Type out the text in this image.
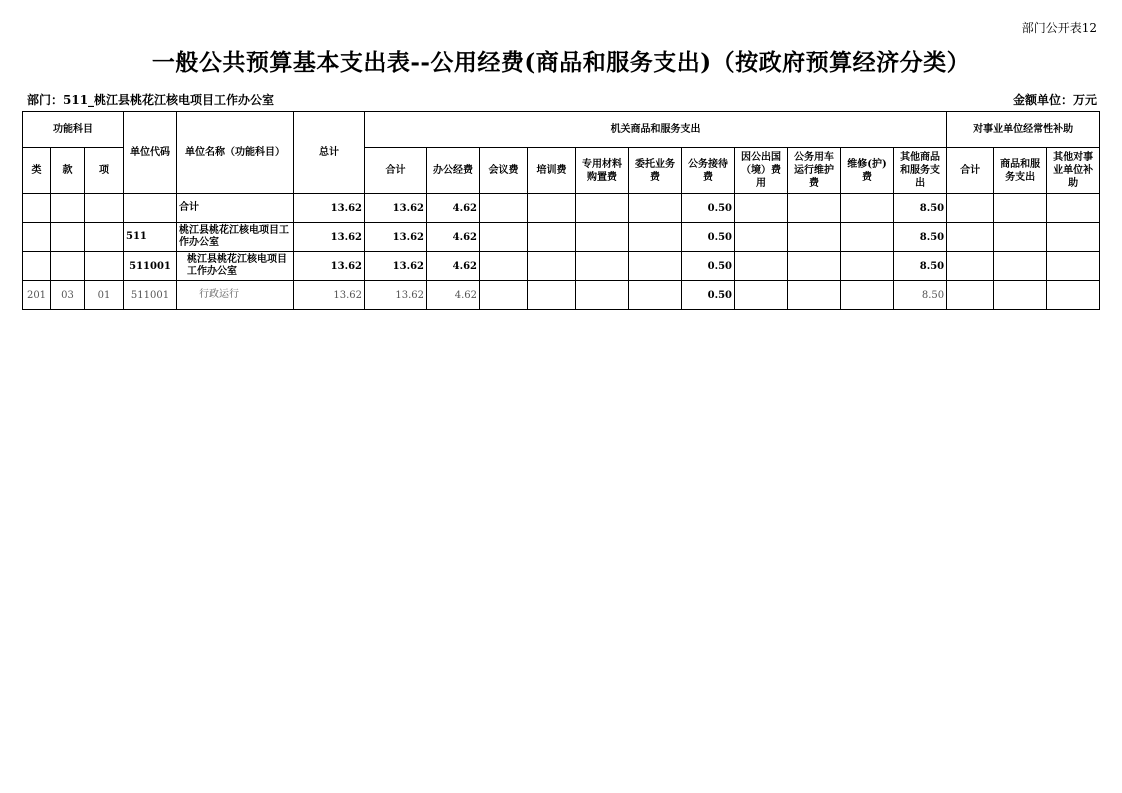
部门公开表12
一般公共预算基本支出表--公用经费(商品和服务支出)（按政府预算经济分类）
部门：511_桃江县桃花江核电项目工作办公室	金额单位：万元
功能科目			单位代码	单位名称（功能科目）	总计	机关商品和服务支出											对事业单位经常性补助		
类	款	项				合计	办公经费	会议费	培训费	专用材料购置费	委托业务费	公务接待费	因公出国（境）费用	公务用车运行维护费	维修(护)费	其他商品和服务支出	合计	商品和服务支出	其他对事业单位补助
				合计	13.62	13.62	4.62					0.50				8.50			
			511	桃江县桃花江核电项目工作办公室	13.62	13.62	4.62					0.50				8.50			
			511001	桃江县桃花江核电项目工作办公室	13.62	13.62	4.62					0.50				8.50			
201	03	01	511001	行政运行	13.62	13.62	4.62					0.50				8.50			
